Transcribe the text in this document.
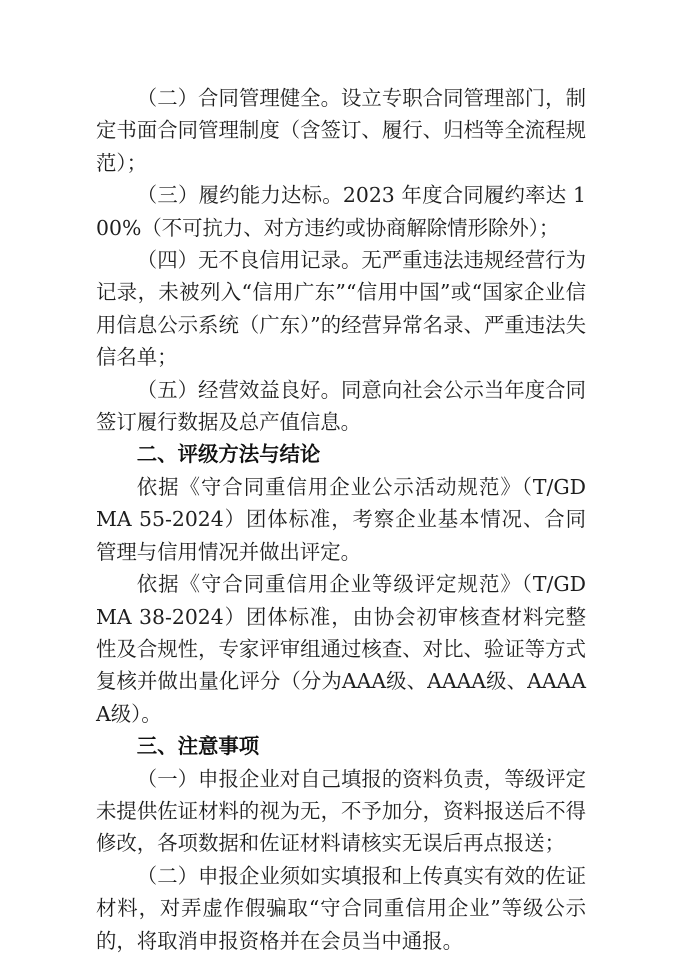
（二）合同管理健全。设立专职合同管理部门，制定书面合同管理制度（含签订、履行、归档等全流程规范）；

（三）履约能力达标。2023 年度合同履约率达 100%（不可抗力、对方违约或协商解除情形除外）；

（四）无不良信用记录。无严重违法违规经营行为记录，未被列入“信用广东”“信用中国”或“国家企业信用信息公示系统（广东）”的经营异常名录、严重违法失信名单；

（五）经营效益良好。同意向社会公示当年度合同签订履行数据及总产值信息。

二、评级方法与结论

依据《守合同重信用企业公示活动规范》（T/GDMA 55-2024）团体标准，考察企业基本情况、合同管理与信用情况并做出评定。

依据《守合同重信用企业等级评定规范》（T/GDMA 38-2024）团体标准，由协会初审核查材料完整性及合规性，专家评审组通过核查、对比、验证等方式复核并做出量化评分（分为AAA级、AAAA级、AAAAA级）。

三、注意事项

（一）申报企业对自己填报的资料负责，等级评定未提供佐证材料的视为无，不予加分，资料报送后不得修改，各项数据和佐证材料请核实无误后再点报送；

（二）申报企业须如实填报和上传真实有效的佐证材料，对弄虚作假骗取“守合同重信用企业”等级公示的，将取消申报资格并在会员当中通报。
